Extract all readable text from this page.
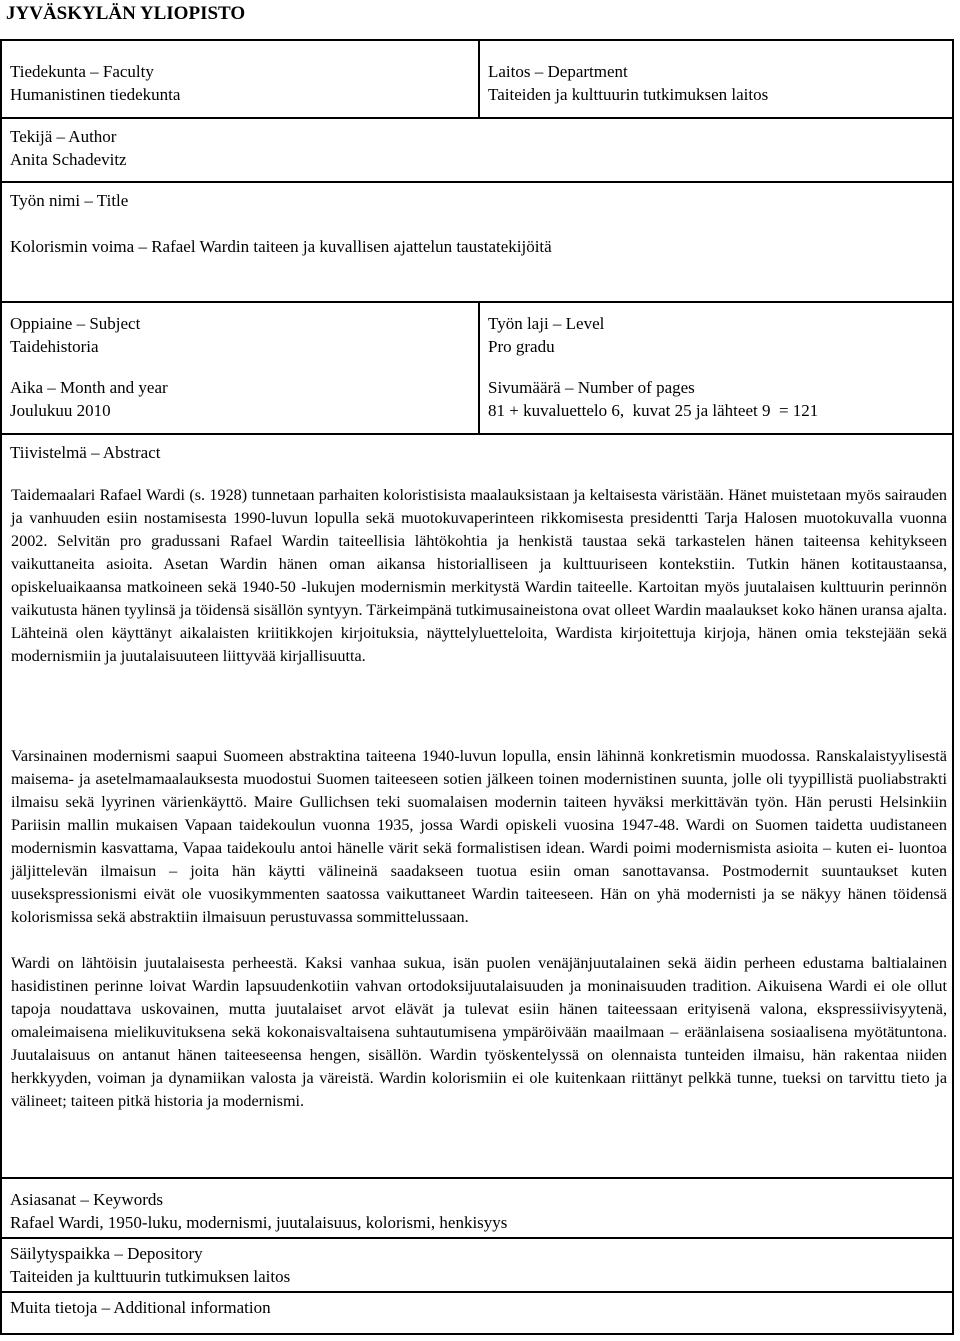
JYVÄSKYLÄN YLIOPISTO
Tiedekunta – Faculty
Humanistinen tiedekunta
Laitos – Department
Taiteiden ja kulttuurin tutkimuksen laitos
Tekijä – Author
Anita Schadevitz
Työn nimi – Title
Kolorismin voima – Rafael Wardin taiteen ja kuvallisen ajattelun taustatekijöitä
Oppiaine – Subject
Taidehistoria
Aika – Month and year
Joulukuu 2010
Työn laji – Level
Pro gradu
Sivumäärä – Number of pages
81 + kuvaluettelo 6,  kuvat 25 ja lähteet 9  = 121
Tiivistelmä – Abstract
Taidemaalari Rafael Wardi (s. 1928) tunnetaan parhaiten koloristisista maalauksistaan ja keltaisesta väristään. Hänet muistetaan myös sairauden ja vanhuuden esiin nostamisesta 1990-luvun lopulla sekä muotokuvaperinteen rikkomisesta presidentti Tarja Halosen muotokuvalla vuonna 2002. Selvitän pro gradussani Rafael Wardin taiteellisia lähtökohtia ja henkistä taustaa sekä tarkastelen hänen taiteensa kehitykseen vaikuttaneita asioita. Asetan Wardin hänen oman aikansa historialliseen ja kulttuuriseen kontekstiin. Tutkin hänen kotitaustaansa, opiskeluaikaansa matkoineen sekä 1940-50 -lukujen modernismin merkitystä Wardin taiteelle. Kartoitan myös juutalaisen kulttuurin perinnön vaikutusta hänen tyylinsä ja töidensä sisällön syntyyn. Tärkeimpänä tutkimusaineistona ovat olleet Wardin maalaukset koko hänen uransa ajalta. Lähteinä olen käyttänyt aikalaisten kriitikkojen kirjoituksia, näyttelyluetteloita, Wardista kirjoitettuja kirjoja, hänen omia tekstejään sekä modernismiin ja juutalaisuuteen liittyvää kirjallisuutta.
Varsinainen modernismi saapui Suomeen abstraktina taiteena 1940-luvun lopulla, ensin lähinnä konkretismin muodossa. Ranskalaistyylisestä maisema- ja asetelmamaalauksesta muodostui Suomen taiteeseen sotien jälkeen toinen modernistinen suunta, jolle oli tyypillistä puoliabstrakti ilmaisu sekä lyyrinen värienkäyttö. Maire Gullichsen teki suomalaisen modernin taiteen hyväksi merkittävän työn. Hän perusti Helsinkiin Pariisin mallin mukaisen Vapaan taidekoulun vuonna 1935, jossa Wardi opiskeli vuosina 1947-48. Wardi on Suomen taidetta uudistaneen modernismin kasvattama, Vapaa taidekoulu antoi hänelle värit sekä formalistisen idean. Wardi poimi modernismista asioita – kuten ei- luontoa jäljittelevän ilmaisun – joita hän käytti välineinä saadakseen tuotua esiin oman sanottavansa. Postmodernit suuntaukset kuten uusekspressionismi eivät ole vuosikymmenten saatossa vaikuttaneet Wardin taiteeseen. Hän on yhä modernisti ja se näkyy hänen töidensä kolorismissa sekä abstraktiin ilmaisuun perustuvassa sommittelussaan.
Wardi on lähtöisin juutalaisesta perheestä. Kaksi vanhaa sukua, isän puolen venäjänjuutalainen sekä äidin perheen edustama baltialainen hasidistinen perinne loivat Wardin lapsuudenkotiin vahvan ortodoksijuutalaisuuden ja moninaisuuden tradition. Aikuisena Wardi ei ole ollut tapoja noudattava uskovainen, mutta juutalaiset arvot elävät ja tulevat esiin hänen taiteessaan erityisenä valona, ekspressiivisyytenä, omaleimaisena mielikuvituksena sekä kokonaisvaltaisena suhtautumisena ympäröivään maailmaan – eräänlaisena sosiaalisena myötätuntona. Juutalaisuus on antanut hänen taiteeseensa hengen, sisällön. Wardin työskentelyssä on olennaista tunteiden ilmaisu, hän rakentaa niiden herkkyyden, voiman ja dynamiikan valosta ja väreistä. Wardin kolorismiin ei ole kuitenkaan riittänyt pelkkä tunne, tueksi on tarvittu tieto ja välineet; taiteen pitkä historia ja modernismi.
Asiasanat – Keywords
Rafael Wardi, 1950-luku, modernismi, juutalaisuus, kolorismi, henkisyys
Säilytyspaikka – Depository
Taiteiden ja kulttuurin tutkimuksen laitos
Muita tietoja – Additional information
